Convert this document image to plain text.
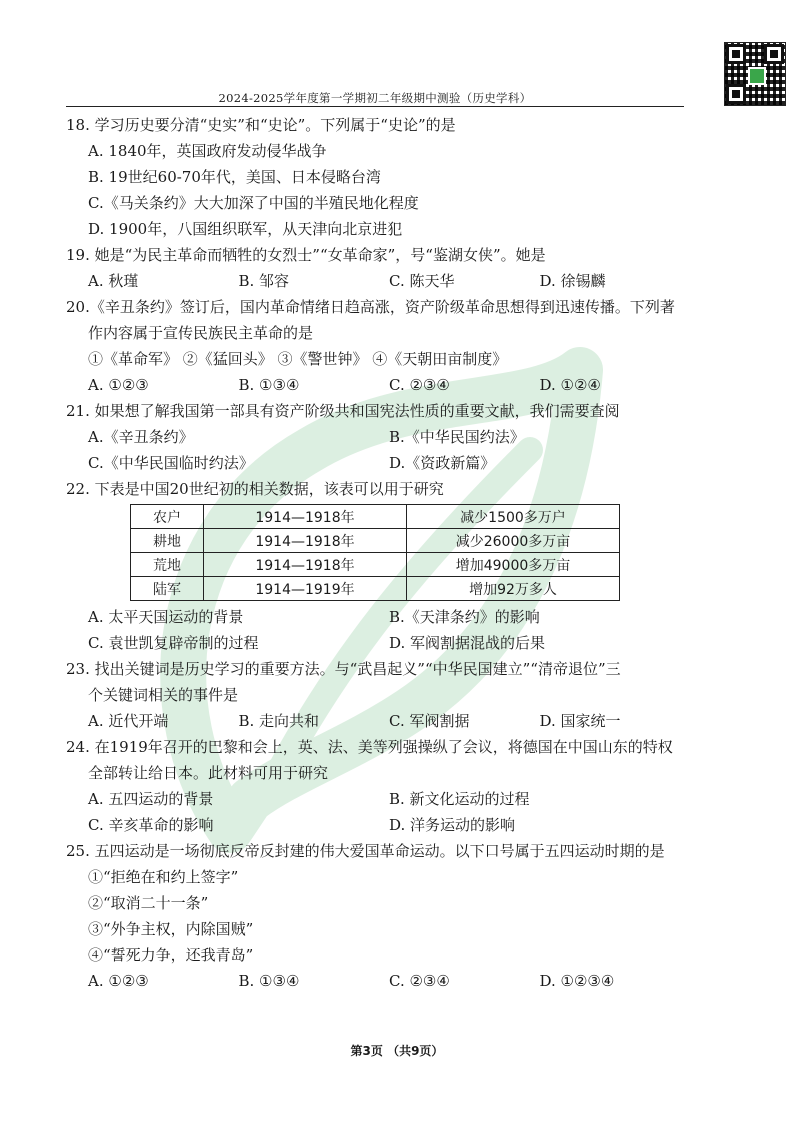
2024-2025学年度第一学期初二年级期中测验（历史学科）
18. 学习历史要分清“史实”和“史论”。下列属于“史论”的是
A. 1840年，英国政府发动侵华战争
B. 19世纪60-70年代，美国、日本侵略台湾
C.《马关条约》大大加深了中国的半殖民地化程度
D. 1900年，八国组织联军，从天津向北京进犯
19. 她是“为民主革命而牺牲的女烈士”“女革命家”，号“鉴湖女侠”。她是
A. 秋瑾	B. 邹容	C. 陈天华	D. 徐锡麟
20.《辛丑条约》签订后，国内革命情绪日趋高涨，资产阶级革命思想得到迅速传播。下列著
作内容属于宣传民族民主革命的是
①《革命军》 ②《猛回头》 ③《警世钟》 ④《天朝田亩制度》
A. ①②③	B. ①③④	C. ②③④	D. ①②④
21. 如果想了解我国第一部具有资产阶级共和国宪法性质的重要文献，我们需要查阅
A.《辛丑条约》	B.《中华民国约法》
C.《中华民国临时约法》	D.《资政新篇》
22. 下表是中国20世纪初的相关数据，该表可以用于研究
农户	1914—1918年	减少1500多万户
耕地	1914—1918年	减少26000多万亩
荒地	1914—1918年	增加49000多万亩
陆军	1914—1919年	增加92万多人
A. 太平天国运动的背景	B.《天津条约》的影响
C. 袁世凯复辟帝制的过程	D. 军阀割据混战的后果
23. 找出关键词是历史学习的重要方法。与“武昌起义”“中华民国建立”“清帝退位”三
个关键词相关的事件是
A. 近代开端	B. 走向共和	C. 军阀割据	D. 国家统一
24. 在1919年召开的巴黎和会上，英、法、美等列强操纵了会议，将德国在中国山东的特权
全部转让给日本。此材料可用于研究
A. 五四运动的背景	B. 新文化运动的过程
C. 辛亥革命的影响	D. 洋务运动的影响
25. 五四运动是一场彻底反帝反封建的伟大爱国革命运动。以下口号属于五四运动时期的是
①“拒绝在和约上签字”
②“取消二十一条”
③“外争主权，内除国贼”
④“誓死力争，还我青岛”
A. ①②③	B. ①③④	C. ②③④	D. ①②③④
第3页 （共9页）
